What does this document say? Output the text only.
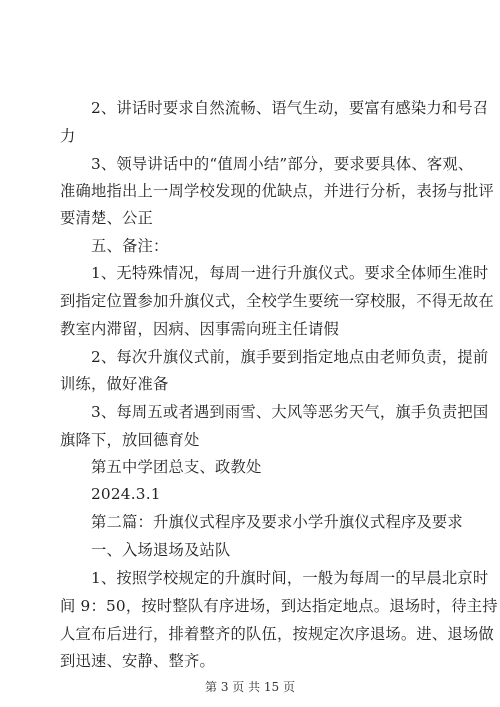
2、讲话时要求自然流畅、语气生动，要富有感染力和号召
力
3、领导讲话中的“值周小结”部分，要求要具体、客观、
准确地指出上一周学校发现的优缺点，并进行分析，表扬与批评
要清楚、公正
五、备注：
1、无特殊情况，每周一进行升旗仪式。要求全体师生准时
到指定位置参加升旗仪式，全校学生要统一穿校服，不得无故在
教室内滞留，因病、因事需向班主任请假
2、每次升旗仪式前，旗手要到指定地点由老师负责，提前
训练，做好准备
3、每周五或者遇到雨雪、大风等恶劣天气，旗手负责把国
旗降下，放回德育处
第五中学团总支、政教处
2024.3.1
第二篇：升旗仪式程序及要求小学升旗仪式程序及要求
一、入场退场及站队
1、按照学校规定的升旗时间，一般为每周一的早晨北京时
间 9：50，按时整队有序进场，到达指定地点。退场时，待主持
人宣布后进行，排着整齐的队伍，按规定次序退场。进、退场做
到迅速、安静、整齐。
第 3 页 共 15 页
